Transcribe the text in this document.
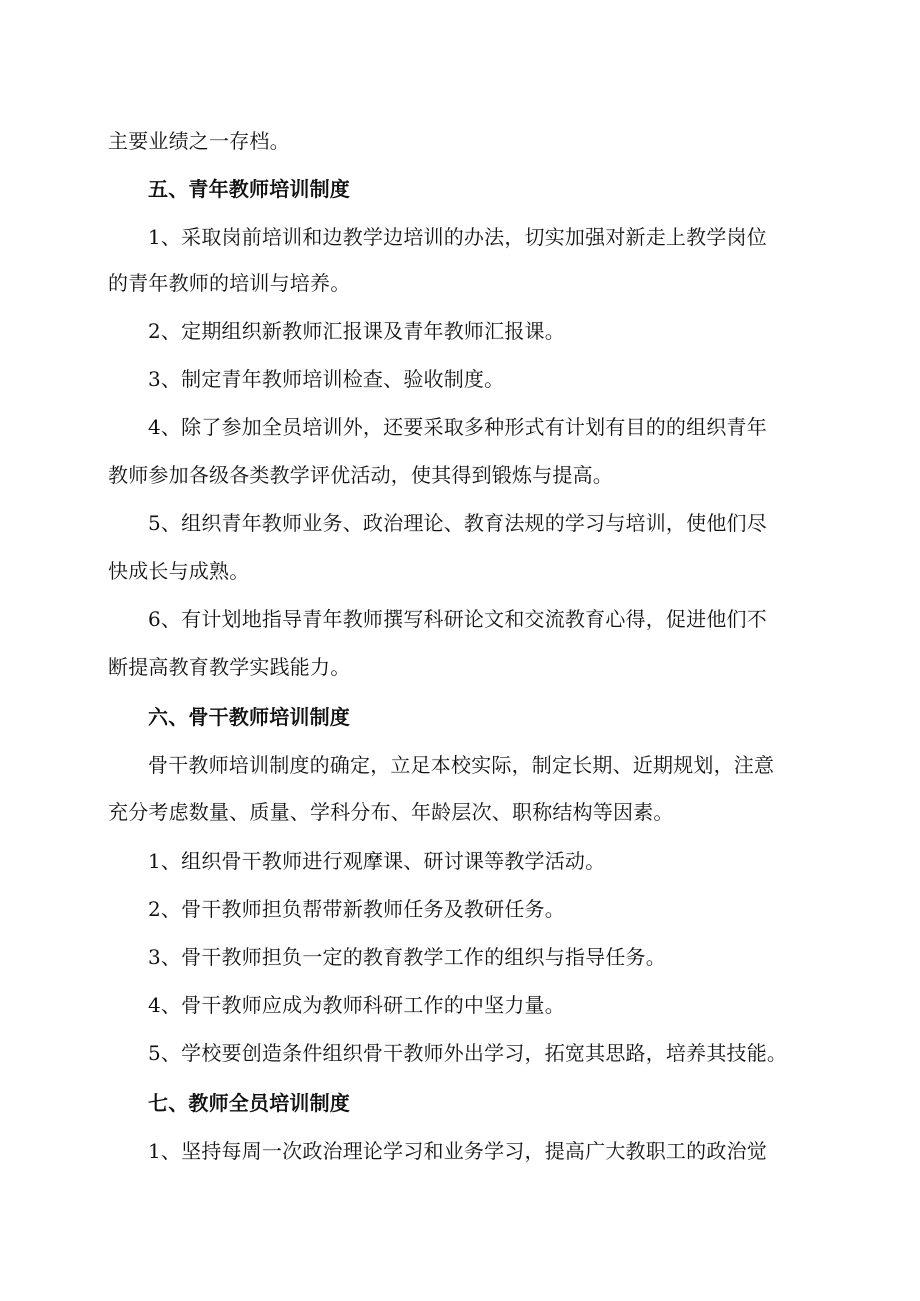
主要业绩之一存档。
五、青年教师培训制度
1、采取岗前培训和边教学边培训的办法，切实加强对新走上教学岗位
的青年教师的培训与培养。
2、定期组织新教师汇报课及青年教师汇报课。
3、制定青年教师培训检查、验收制度。
4、除了参加全员培训外，还要采取多种形式有计划有目的的组织青年
教师参加各级各类教学评优活动，使其得到锻炼与提高。
5、组织青年教师业务、政治理论、教育法规的学习与培训，使他们尽
快成长与成熟。
6、有计划地指导青年教师撰写科研论文和交流教育心得，促进他们不
断提高教育教学实践能力。
六、骨干教师培训制度
骨干教师培训制度的确定，立足本校实际，制定长期、近期规划，注意
充分考虑数量、质量、学科分布、年龄层次、职称结构等因素。
1、组织骨干教师进行观摩课、研讨课等教学活动。
2、骨干教师担负帮带新教师任务及教研任务。
3、骨干教师担负一定的教育教学工作的组织与指导任务。
4、骨干教师应成为教师科研工作的中坚力量。
5、学校要创造条件组织骨干教师外出学习，拓宽其思路，培养其技能。
七、教师全员培训制度
1、坚持每周一次政治理论学习和业务学习，提高广大教职工的政治觉
